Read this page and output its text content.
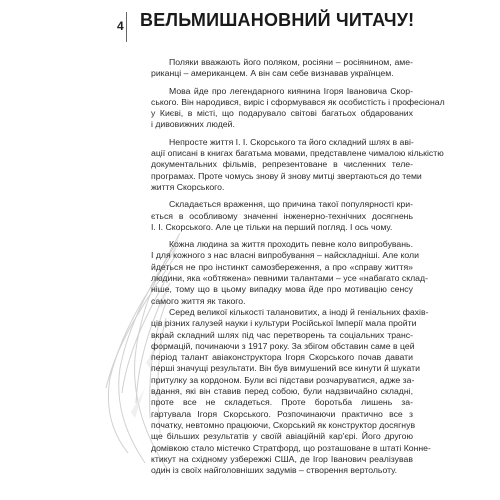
4 ВЕЛЬМИШАНОВНИЙ ЧИТАЧУ!
Поляки вважають його поляком, росіяни – росіянином, аме-
риканці – американцем. А він сам себе визнавав українцем.
Мова йде про легендарного киянина Ігоря Івановича Скор-
ського. Він народився, виріс і сформувався як особистість і професіонал
у Києві, в місті, що подарувало світові багатьох обдарованих
і дивовижних людей.
Непросте життя І. І. Скорського та його складний шлях в аві-
ації описані в книгах багатьма мовами, представлене чималою кількістю
документальних фільмів, репрезентоване в численних теле-
програмах. Проте чомусь знову й знову митці звертаються до теми
життя Скорського.
Складається враження, що причина такої популярності кри-
ється в особливому значенні інженерно-технічних досягнень
І. І. Скорського. Але це тільки на перший погляд. І ось чому.
Кожна людина за життя проходить певне коло випробувань.
І для кожного з нас власні випробування – найскладніші. Але коли
йдеться не про інстинкт самозбереження, а про «справу життя»
людини, яка «обтяжена» певними талантами – усе «набагато склад-
ніше, тому що в цьому випадку мова йде про мотивацію сенсу
самого життя як такого.
Серед великої кількості талановитих, а іноді й геніальних фахів-
ців різних галузей науки і культури Російської Імперії мала пройти
вкрай складний шлях під час перетворень та соціальних транс-
формацій, починаючи з 1917 року. За збігом обставин саме в цей
період талант авіаконструктора Ігоря Скорського почав давати
перші значущі результати. Він був вимушений все кинути й шукати
притулку за кордоном. Були всі підстави розчаруватися, адже за-
вдання, які він ставив перед собою, були надзвичайно складні,
проте все не складеться. Проте боротьба лишень за-
гартувала Ігоря Скорського. Розпочинаючи практично все з
початку, невтомно працюючи, Скорський як конструктор досягнув
ще більших результатів у своїй авіаційній кар'єрі. Його другою
домівкою стало містечко Стратфорд, що розташоване в штаті Конне-
ктикут на східному узбережжі США, де Ігор Іванович реалізував
один із своїх найголовніших задумів – створення вертольоту.
